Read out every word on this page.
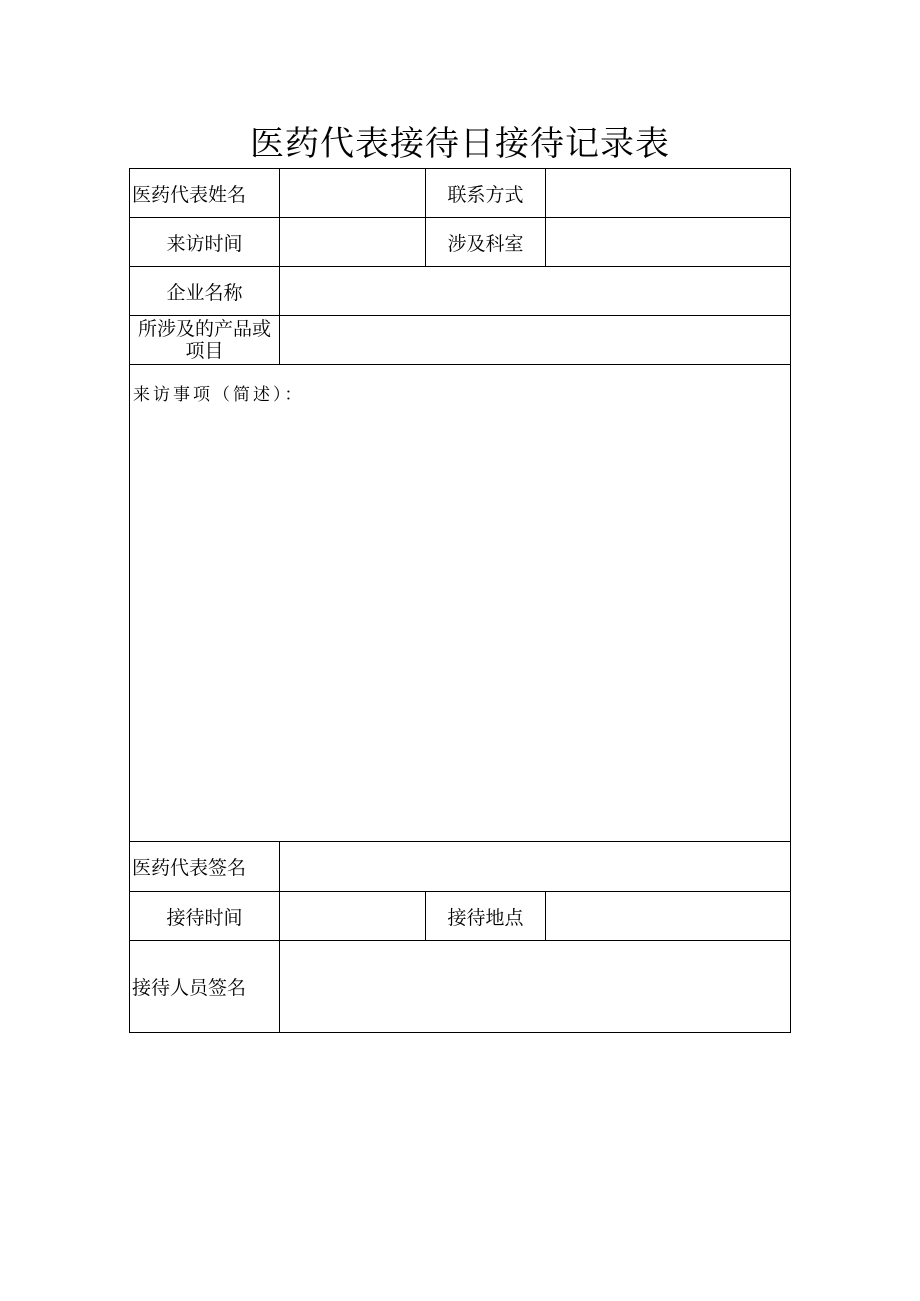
医药代表接待日接待记录表
医药代表姓名		联系方式	
来访时间		涉及科室	
企业名称			

所涉及的产品或
项目			

来访事项（简述）：			

医药代表签名			
接待时间		接待地点	
接待人员签名			
